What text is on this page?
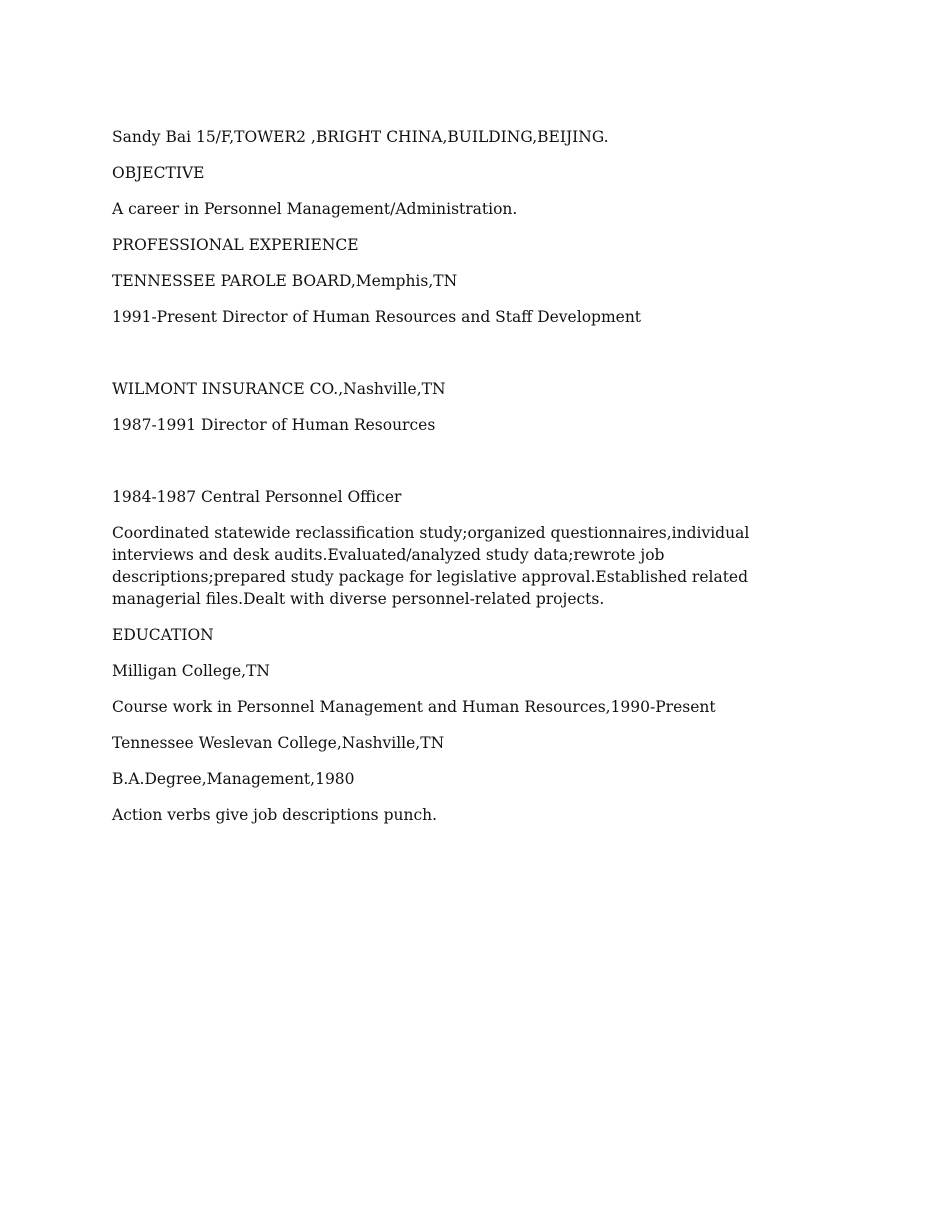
Sandy Bai 15/F,TOWER2 ,BRIGHT CHINA,BUILDING,BEIJING.

OBJECTIVE

A career in Personnel Management/Administration.

PROFESSIONAL EXPERIENCE

TENNESSEE PAROLE BOARD,Memphis,TN

1991-Present Director of Human Resources and Staff Development

WILMONT INSURANCE CO.,Nashville,TN

1987-1991 Director of Human Resources

1984-1987 Central Personnel Officer

Coordinated statewide reclassification study;organized questionnaires,individual interviews and desk audits.Evaluated/analyzed study data;rewrote job descriptions;prepared study package for legislative approval.Established related managerial files.Dealt with diverse personnel-related projects.

EDUCATION

Milligan College,TN

Course work in Personnel Management and Human Resources,1990-Present

Tennessee Weslevan College,Nashville,TN

B.A.Degree,Management,1980

Action verbs give job descriptions punch.
